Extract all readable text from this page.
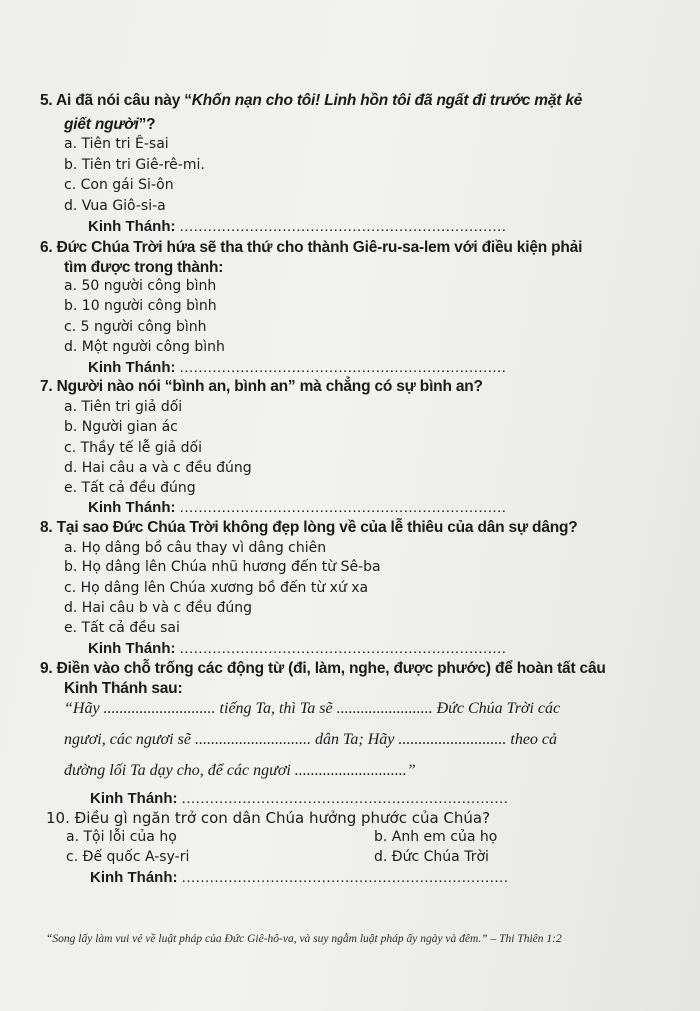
5. Ai đã nói câu này “Khốn nạn cho tôi! Linh hồn tôi đã ngất đi trước mặt kẻ
giết người”?
a. Tiên tri Ê-sai
b. Tiên tri Giê-rê-mi.
c. Con gái Si-ôn
d. Vua Giô-si-a
Kinh Thánh: ......................................................................
6. Đức Chúa Trời hứa sẽ tha thứ cho thành Giê-ru-sa-lem với điều kiện phải
tìm được trong thành:
a. 50 người công bình
b. 10 người công bình
c. 5 người công bình
d. Một người công bình
Kinh Thánh: ......................................................................
7. Người nào nói “bình an, bình an” mà chẳng có sự bình an?
a. Tiên tri giả dối
b. Người gian ác
c. Thầy tế lễ giả dối
d. Hai câu a và c đều đúng
e. Tất cả đều đúng
Kinh Thánh: ......................................................................
8. Tại sao Đức Chúa Trời không đẹp lòng về của lễ thiêu của dân sự dâng?
a. Họ dâng bồ câu thay vì dâng chiên
b. Họ dâng lên Chúa nhũ hương đến từ Sê-ba
c. Họ dâng lên Chúa xương bồ đến từ xứ xa
d. Hai câu b và c đều đúng
e. Tất cả đều sai
Kinh Thánh: ......................................................................
9. Điền vào chỗ trống các động từ (đi, làm, nghe, được phước) để hoàn tất câu
Kinh Thánh sau:
“Hãy ............................ tiếng Ta, thì Ta sẽ ........................ Đức Chúa Trời các
ngươi, các ngươi sẽ ............................. dân Ta; Hãy ........................... theo cả
đường lối Ta dạy cho, để các ngươi ............................”
Kinh Thánh: ......................................................................
10. Điều gì ngăn trở con dân Chúa hưởng phước của Chúa?
a. Tội lỗi của họ	b. Anh em của họ
c. Đế quốc A-sy-ri	d. Đức Chúa Trời
Kinh Thánh: ......................................................................
“Song lấy làm vui vẻ về luật pháp của Đức Giê-hô-va, và suy ngẫm luật pháp ấy ngày và đêm.” – Thi Thiên 1:2
